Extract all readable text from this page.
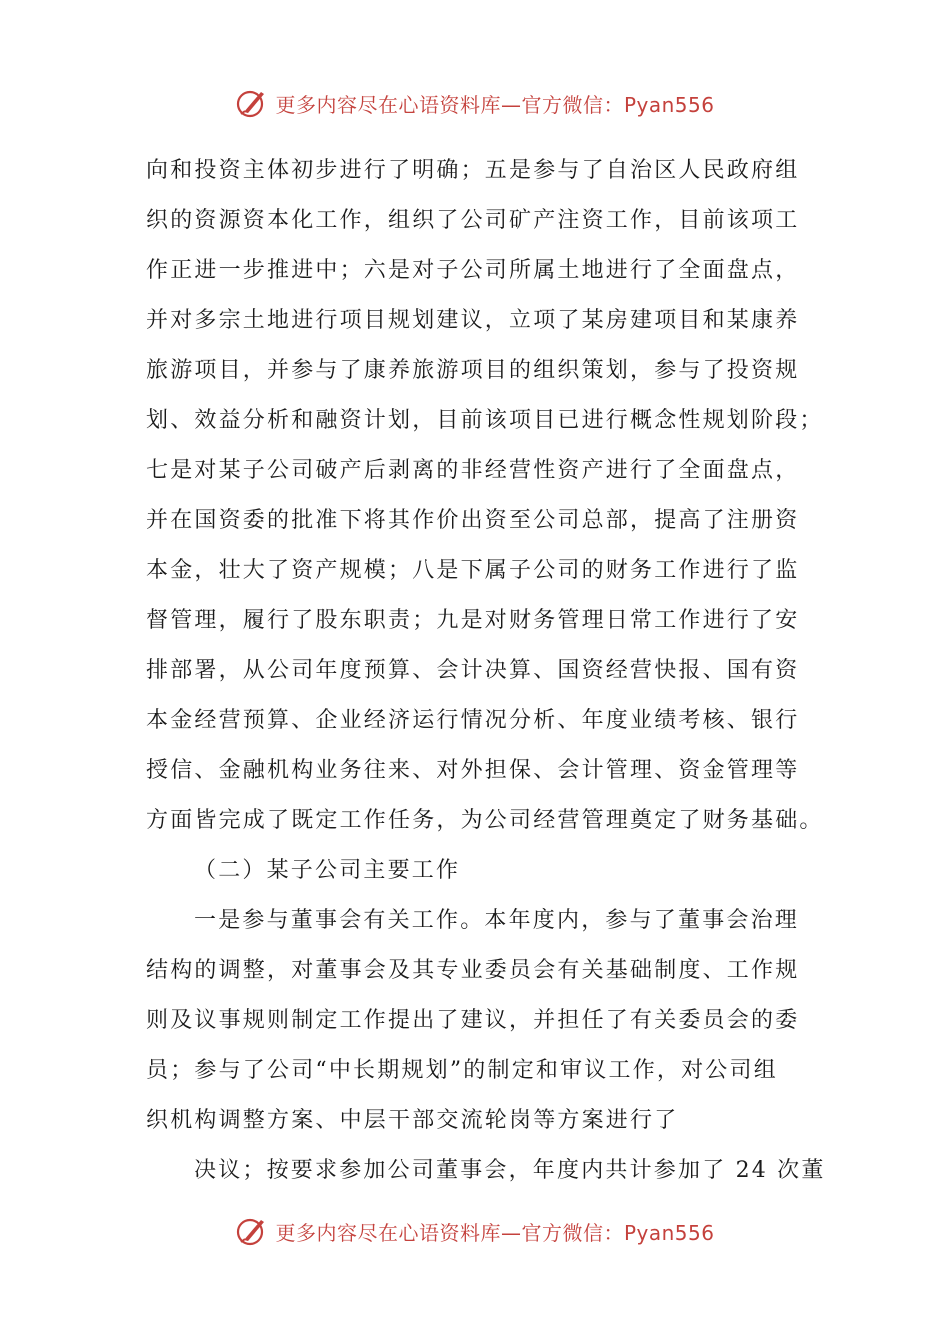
更多内容尽在心语资料库—官方微信：Pyan556
向和投资主体初步进行了明确；五是参与了自治区人民政府组
织的资源资本化工作，组织了公司矿产注资工作，目前该项工
作正进一步推进中；六是对子公司所属土地进行了全面盘点，
并对多宗土地进行项目规划建议，立项了某房建项目和某康养
旅游项目，并参与了康养旅游项目的组织策划，参与了投资规
划、效益分析和融资计划，目前该项目已进行概念性规划阶段；
七是对某子公司破产后剥离的非经营性资产进行了全面盘点，
并在国资委的批准下将其作价出资至公司总部，提高了注册资
本金，壮大了资产规模；八是下属子公司的财务工作进行了监
督管理，履行了股东职责；九是对财务管理日常工作进行了安
排部署，从公司年度预算、会计决算、国资经营快报、国有资
本金经营预算、企业经济运行情况分析、年度业绩考核、银行
授信、金融机构业务往来、对外担保、会计管理、资金管理等
方面皆完成了既定工作任务，为公司经营管理奠定了财务基础。
（二）某子公司主要工作
一是参与董事会有关工作。本年度内，参与了董事会治理
结构的调整，对董事会及其专业委员会有关基础制度、工作规
则及议事规则制定工作提出了建议，并担任了有关委员会的委
员；参与了公司“中长期规划”的制定和审议工作，对公司组
织机构调整方案、中层干部交流轮岗等方案进行了
决议；按要求参加公司董事会，年度内共计参加了 24 次董
更多内容尽在心语资料库—官方微信：Pyan556
